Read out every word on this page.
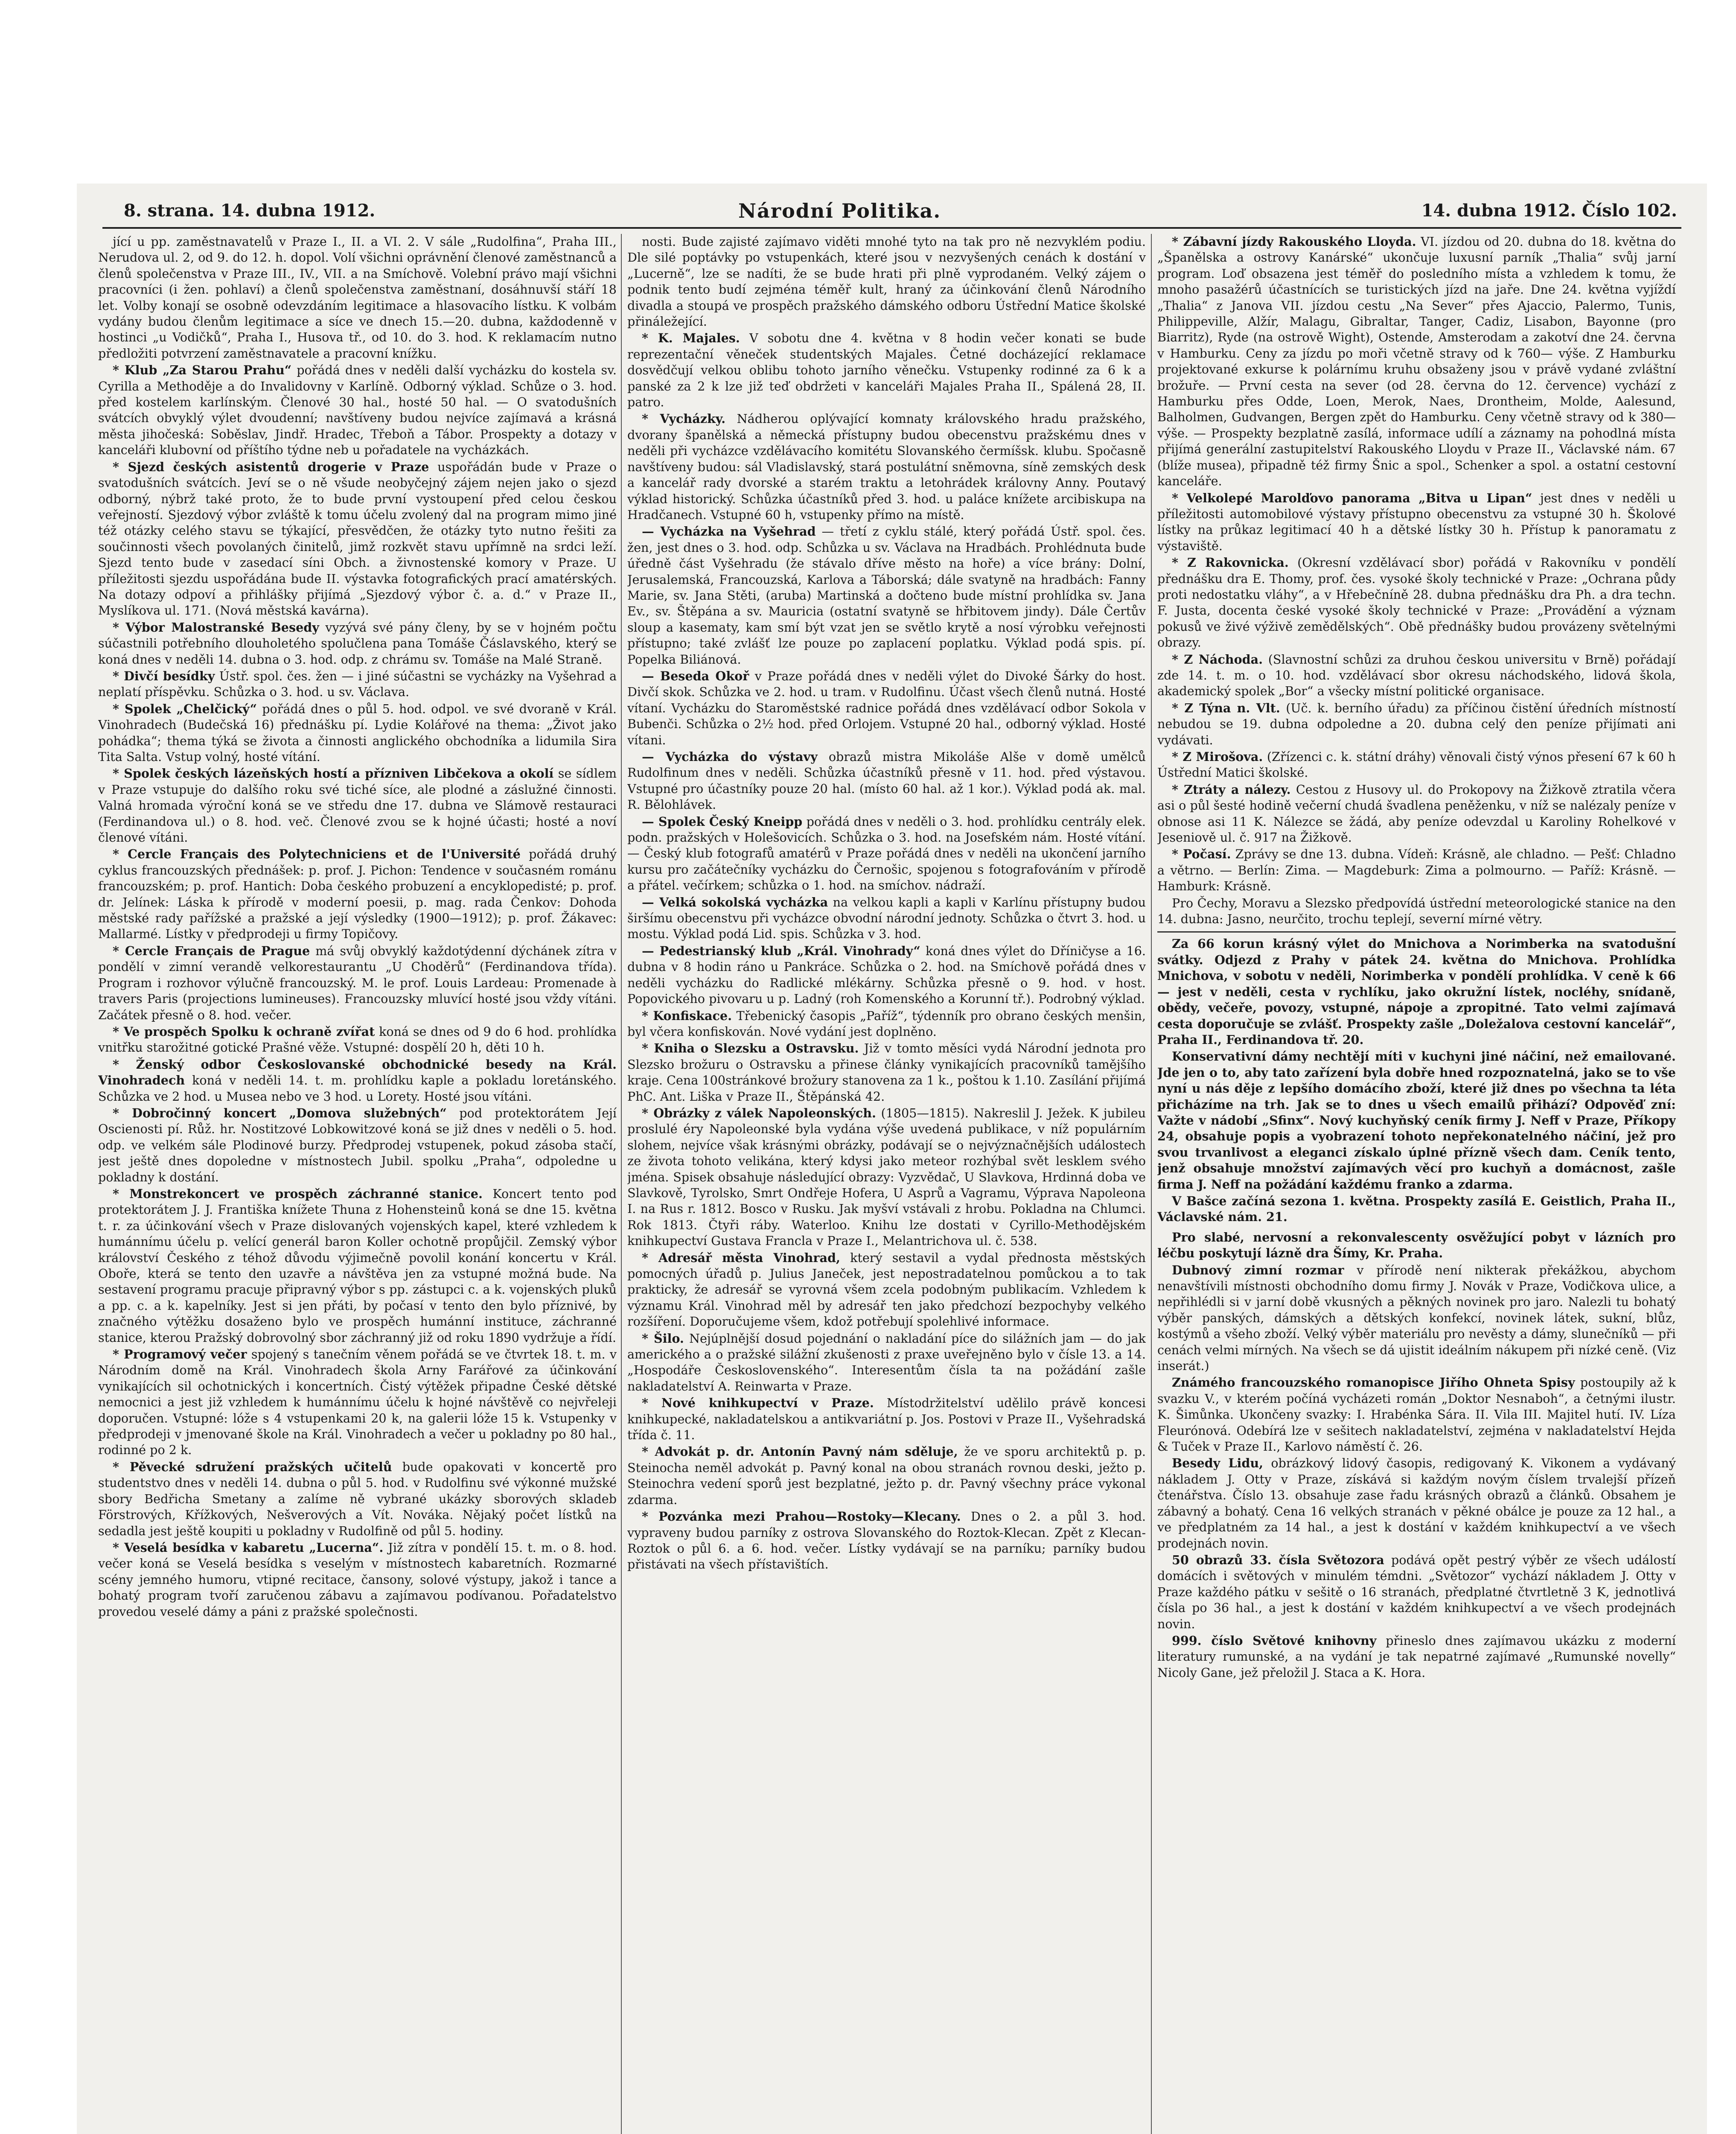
8. strana. 14. dubna 1912.	Národní Politika.	14. dubna 1912. Číslo 102.

jící u pp. zaměstnavatelů v Praze I., II. a VI. 2. V sále „Rudolfina“, Praha III., Nerudova ul. 2, od 9. do 12. h. dopol. Volí všichni oprávnění členové zaměstnanců a členů společenstva v Praze III., IV., VII. a na Smíchově. Volební právo mají všichni pracovníci (i žen. pohlaví) a členů společenstva zaměstnaní, dosáhnuvší stáří 18 let. Volby konají se osobně odevzdáním legitimace a hlasovacího lístku. K volbám vydány budou členům legitimace a síce ve dnech 15.—20. dubna, každodenně v hostinci „u Vodičků“, Praha I., Husova tř., od 10. do 3. hod. K reklamacím nutno předložiti potvrzení zaměstnavatele a pracovní knížku.

* Klub „Za Starou Prahu“ pořádá dnes v neděli další vycházku do kostela sv. Cyrilla a Methoděje a do Invalidovny v Karlíně. Odborný výklad. Schůze o 3. hod. před kostelem karlínským. Členové 30 hal., hosté 50 hal. — O svatodušních svátcích obvyklý výlet dvoudenní; navštíveny budou nejvíce zajímavá a krásná města jihočeská: Soběslav, Jindř. Hradec, Třeboň a Tábor. Prospekty a dotazy v kanceláři klubovní od příštího týdne neb u pořadatele na vycházkách.

* Sjezd českých asistentů drogerie v Praze uspořádán bude v Praze o svatodušních svátcích. Jeví se o ně všude neobyčejný zájem nejen jako o sjezd odborný, nýbrž také proto, že to bude první vystoupení před celou českou veřejností. Sjezdový výbor zvláště k tomu účelu zvolený dal na program mimo jiné též otázky celého stavu se týkající, přesvědčen, že otázky tyto nutno řešiti za součinnosti všech povolaných činitelů, jimž rozkvět stavu upřímně na srdci leží. Sjezd tento bude v zasedací síni Obch. a živnostenské komory v Praze. U příležitosti sjezdu uspořádána bude II. výstavka fotografických prací amatérských. Na dotazy odpoví a přihlášky přijímá „Sjezdový výbor č. a. d.“ v Praze II., Myslíkova ul. 171. (Nová městská kavárna).

* Výbor Malostranské Besedy vyzývá své pány členy, by se v hojném počtu súčastnili potřebního dlouholetého spolučlena pana Tomáše Čáslavského, který se koná dnes v neděli 14. dubna o 3. hod. odp. z chrámu sv. Tomáše na Malé Straně.

* Divčí besídky Ústř. spol. čes. žen — i jiné súčastni se vycházky na Vyšehrad a neplatí příspěvku. Schůzka o 3. hod. u sv. Václava.

* Spolek „Chelčický“ pořádá dnes o půl 5. hod. odpol. ve své dvoraně v Král. Vinohradech (Budečská 16) přednášku pí. Lydie Kolářové na thema: „Život jako pohádka“; thema týká se života a činnosti anglického obchodníka a lidumila Sira Tita Salta. Vstup volný, hosté vítání.

* Spolek českých lázeňských hostí a přízniven Libčekova a okolí se sídlem v Praze vstupuje do dalšího roku své tiché síce, ale plodné a záslužné činnosti. Valná hromada výroční koná se ve středu dne 17. dubna ve Slámově restauraci (Ferdinandova ul.) o 8. hod. več. Členové zvou se k hojné účasti; hosté a noví členové vítáni.

* Cercle Français des Polytechniciens et de l'Université pořádá druhý cyklus francouzských přednášek: p. prof. J. Pichon: Tendence v současném románu francouzském; p. prof. Hantich: Doba českého probuzení a encyklopedisté; p. prof. dr. Jelínek: Láska k přírodě v moderní poesii, p. mag. rada Čenkov: Dohoda městské rady pařížské a pražské a její výsledky (1900—1912); p. prof. Žákavec: Mallarmé. Lístky v předprodeji u firmy Topičovy.

* Cercle Français de Prague má svůj obvyklý každotýdenní dýchánek zítra v pondělí v zimní verandě velkorestaurantu „U Choděrů“ (Ferdinandova třída). Program i rozhovor výlučně francouzský. M. le prof. Louis Lardeau: Promenade à travers Paris (projections lumineuses). Francouzsky mluvící hosté jsou vždy vítáni. Začátek přesně o 8. hod. večer.

* Ve prospěch Spolku k ochraně zvířat koná se dnes od 9 do 6 hod. prohlídka vnitřku starožitné gotické Prašné věže. Vstupné: dospělí 20 h, děti 10 h.

* Ženský odbor Českoslovanské obchodnické besedy na Král. Vinohradech koná v neděli 14. t. m. prohlídku kaple a pokladu loretánského. Schůzka ve 2 hod. u Musea nebo ve 3 hod. u Lorety. Hosté jsou vítáni.

* Dobročinný koncert „Domova služebných“ pod protektorátem Její Oscienosti pí. Růž. hr. Nostitzové Lobkowitzové koná se již dnes v neděli o 5. hod. odp. ve velkém sále Plodinové burzy. Předprodej vstupenek, pokud zásoba stačí, jest ještě dnes dopoledne v místnostech Jubil. spolku „Praha“, odpoledne u pokladny k dostání.

* Monstrekoncert ve prospěch záchranné stanice. Koncert tento pod protektorátem J. J. Františka knížete Thuna z Hohensteinů koná se dne 15. května t. r. za účinkování všech v Praze dislovaných vojenských kapel, které vzhledem k humánnímu účelu p. velící generál baron Koller ochotně propůjčil. Zemský výbor království Českého z téhož důvodu výjimečně povolil konání koncertu v Král. Oboře, která se tento den uzavře a návštěva jen za vstupné možná bude. Na sestavení programu pracuje připravný výbor s pp. zástupci c. a k. vojenských pluků a pp. c. a k. kapelníky. Jest si jen přáti, by počasí v tento den bylo příznivé, by značného výtěžku dosaženo bylo ve prospěch humánní instituce, záchranné stanice, kterou Pražský dobrovolný sbor záchranný již od roku 1890 vydržuje a řídí.

* Programový večer spojený s tanečním věnem pořádá se ve čtvrtek 18. t. m. v Národním domě na Král. Vinohradech škola Arny Farářové za účinkování vynikajících sil ochotnických i koncertních. Čistý výtěžek připadne České dětské nemocnici a jest již vzhledem k humánnímu účelu k hojné návštěvě co nejvřeleji doporučen. Vstupné: lóže s 4 vstupenkami 20 k, na galerii lóže 15 k. Vstupenky v předprodeji v jmenované škole na Král. Vinohradech a večer u pokladny po 80 hal., rodinné po 2 k.

* Pěvecké sdružení pražských učitelů bude opakovati v koncertě pro studentstvo dnes v neděli 14. dubna o půl 5. hod. v Rudolfinu své výkonné mužské sbory Bedřicha Smetany a zalíme ně vybrané ukázky sborových skladeb Förstrových, Křížkových, Nešverových a Vít. Nováka. Nějaký počet lístků na sedadla jest ještě koupiti u pokladny v Rudolfině od půl 5. hodiny.

* Veselá besídka v kabaretu „Lucerna“. Již zítra v pondělí 15. t. m. o 8. hod. večer koná se Veselá besídka s veselým v místnostech kabaretních. Rozmarné scény jemného humoru, vtipné recitace, čansony, solové výstupy, jakož i tance a bohatý program tvoří zaručenou zábavu a zajímavou podívanou. Pořadatelstvo provedou veselé dámy a páni z pražské společnosti.

nosti. Bude zajisté zajímavo viděti mnohé tyto na tak pro ně nezvyklém podiu. Dle silé poptávky po vstupenkách, které jsou v nezvyšených cenách k dostání v „Lucerně“, lze se nadíti, že se bude hrati při plně vyprodaném. Velký zájem o podnik tento budí zejména téměř kult, hraný za účinkování členů Národního divadla a stoupá ve prospěch pražského dámského odboru Ústřední Matice školské přináležející.

* K. Majales. V sobotu dne 4. května v 8 hodin večer konati se bude reprezentační věneček studentských Majales. Četné docházející reklamace dosvědčují velkou oblibu tohoto jarního věnečku. Vstupenky rodinné za 6 k a panské za 2 k lze již teď obdržeti v kanceláři Majales Praha II., Spálená 28, II. patro.

* Vycházky. Nádherou oplývající komnaty královského hradu pražského, dvorany španělská a německá přístupny budou obecenstvu pražskému dnes v neděli při vycházce vzdělávacího komitétu Slovanského čermíšsk. klubu. Spočasně navštíveny budou: sál Vladislavský, stará postulátní sněmovna, síně zemských desk a kancelář rady dvorské a starém traktu a letohrádek královny Anny. Poutavý výklad historický. Schůzka účastníků před 3. hod. u paláce knížete arcibiskupa na Hradčanech. Vstupné 60 h, vstupenky přímo na místě.

— Vycházka na Vyšehrad — třetí z cyklu stálé, který pořádá Ústř. spol. čes. žen, jest dnes o 3. hod. odp. Schůzka u sv. Václava na Hradbách. Prohlédnuta bude úředně část Vyšehradu (že stávalo dříve město na hoře) a více brány: Dolní, Jerusalemská, Francouzská, Karlova a Táborská; dále svatyně na hradbách: Fanny Marie, sv. Jana Stěti, (aruba) Martinská a dočteno bude místní prohlídka sv. Jana Ev., sv. Štěpána a sv. Mauricia (ostatní svatyně se hřbitovem jindy). Dále Čertův sloup a kasematy, kam smí být vzat jen se světlo krytě a nosí výrobku veřejnosti přístupno; také zvlášť lze pouze po zaplacení poplatku. Výklad podá spis. pí. Popelka Biliánová.

— Beseda Okoř v Praze pořádá dnes v neděli výlet do Divoké Šárky do host. Divčí skok. Schůzka ve 2. hod. u tram. v Rudolfinu. Účast všech členů nutná. Hosté vítaní. Vycházku do Staroměstské radnice pořádá dnes vzdělávací odbor Sokola v Bubenči. Schůzka o 2½ hod. před Orlojem. Vstupné 20 hal., odborný výklad. Hosté vítani.

— Vycházka do výstavy obrazů mistra Mikoláše Alše v domě umělců Rudolfinum dnes v neděli. Schůzka účastníků přesně v 11. hod. před výstavou. Vstupné pro účastníky pouze 20 hal. (místo 60 hal. až 1 kor.). Výklad podá ak. mal. R. Bělohlávek.

— Spolek Český Kneipp pořádá dnes v neděli o 3. hod. prohlídku centrály elek. podn. pražských v Holešovicích. Schůzka o 3. hod. na Josefském nám. Hosté vítání. — Český klub fotografů amatérů v Praze pořádá dnes v neděli na ukončení jarního kursu pro začátečníky vycházku do Černošic, spojenou s fotografováním v přírodě a přátel. večírkem; schůzka o 1. hod. na smíchov. nádraží.

— Velká sokolská vycházka na velkou kapli a kapli v Karlínu přístupny budou širšímu obecenstvu při vycházce obvodní národní jednoty. Schůzka o čtvrt 3. hod. u mostu. Výklad podá Lid. spis. Schůzka v 3. hod.

— Pedestrianský klub „Král. Vinohrady“ koná dnes výlet do Dříničyse a 16. dubna v 8 hodin ráno u Pankráce. Schůzka o 2. hod. na Smíchově pořádá dnes v neděli vycházku do Radlické mlékárny. Schůzka přesně o 9. hod. v host. Popovického pivovaru u p. Ladný (roh Komenského a Korunní tř.). Podrobný výklad.

* Konfiskace. Třebenický časopis „Paříž“, týdenník pro obrano českých menšin, byl včera konfiskován. Nové vydání jest doplněno.

* Kniha o Slezsku a Ostravsku. Již v tomto měsíci vydá Národní jednota pro Slezsko brožuru o Ostravsku a přinese články vynikajících pracovníků tamějšího kraje. Cena 100stránkové brožury stanovena za 1 k., poštou k 1.10. Zasílání přijímá PhC. Ant. Liška v Praze II., Štěpánská 42.

* Obrázky z válek Napoleonských. (1805—1815). Nakreslil J. Ježek. K jubileu proslulé éry Napoleonské byla vydána výše uvedená publikace, v níž populárním slohem, nejvíce však krásnými obrázky, podávají se o nejvýznačnějších událostech ze života tohoto velikána, který kdysi jako meteor rozhýbal svět lesklem svého jména. Spisek obsahuje následující obrazy: Vyzvědač, U Slavkova, Hrdinná doba ve Slavkově, Tyrolsko, Smrt Ondřeje Hofera, U Asprů a Vagramu, Výprava Napoleona I. na Rus r. 1812. Bosco v Rusku. Jak myšví vstávali z hrobu. Pokladna na Chlumci. Rok 1813. Čtyři ráby. Waterloo. Knihu lze dostati v Cyrillo-Methodějském knihkupectví Gustava Francla v Praze I., Melantrichova ul. č. 538.

* Adresář města Vinohrad, který sestavil a vydal přednosta městských pomocných úřadů p. Julius Janeček, jest nepostradatelnou pomůckou a to tak prakticky, že adresář se vyrovná všem zcela podobným publikacím. Vzhledem k významu Král. Vinohrad měl by adresář ten jako předchozí bezpochyby velkého rozšíření. Doporučujeme všem, kdož potřebují spolehlivé informace.

* Šilo. Nejúplnější dosud pojednání o nakladání píce do silážních jam — do jak amerického a o pražské silážní zkušenosti z praxe uveřejněno bylo v čísle 13. a 14. „Hospodáře Československého“. Interesentům čísla ta na požádání zašle nakladatelství A. Reinwarta v Praze.

* Nové knihkupectví v Praze. Místodržitelství udělilo právě koncesi knihkupecké, nakladatelskou a antikvariátní p. Jos. Postovi v Praze II., Vyšehradská třída č. 11.

* Advokát p. dr. Antonín Pavný nám sděluje, že ve sporu architektů p. p. Steinocha neměl advokát p. Pavný konal na obou stranách rovnou deski, ježto p. Steinochra vedení sporů jest bezplatné, ježto p. dr. Pavný všechny práce vykonal zdarma.

* Pozvánka mezi Prahou—Rostoky—Klecany. Dnes o 2. a půl 3. hod. vypraveny budou parníky z ostrova Slovanského do Roztok-Klecan. Zpět z Klecan-Roztok o půl 6. a 6. hod. večer. Lístky vydávají se na parníku; parníky budou přistávati na všech přístavištích.

* Zábavní jízdy Rakouského Lloyda. VI. jízdou od 20. dubna do 18. května do „Španělska a ostrovy Kanárské“ ukončuje luxusní parník „Thalia“ svůj jarní program. Loď obsazena jest téměř do posledního místa a vzhledem k tomu, že mnoho pasažérů účastnících se turistických jízd na jaře. Dne 24. května vyjíždí „Thalia“ z Janova VII. jízdou cestu „Na Sever“ přes Ajaccio, Palermo, Tunis, Philippeville, Alžír, Malagu, Gibraltar, Tanger, Cadiz, Lisabon, Bayonne (pro Biarritz), Ryde (na ostrově Wight), Ostende, Amsterodam a zakotví dne 24. června v Hamburku. Ceny za jízdu po moři včetně stravy od k 760— výše. Z Hamburku projektované exkurse k polárnímu kruhu obsaženy jsou v právě vydané zvláštní brožuře. — První cesta na sever (od 28. června do 12. července) vychází z Hamburku přes Odde, Loen, Merok, Naes, Drontheim, Molde, Aalesund, Balholmen, Gudvangen, Bergen zpět do Hamburku. Ceny včetně stravy od k 380— výše. — Prospekty bezplatně zasílá, informace udílí a záznamy na pohodlná místa přijímá generální zastupitelství Rakouského Lloydu v Praze II., Václavské nám. 67 (blíže musea), připadně též firmy Šnic a spol., Schenker a spol. a ostatní cestovní kanceláře.

* Velkolepé Marolďovo panorama „Bitva u Lipan“ jest dnes v neděli u příležitosti automobilové výstavy přístupno obecenstvu za vstupné 30 h. Školové lístky na průkaz legitimací 40 h a dětské lístky 30 h. Přístup k panoramatu z výstaviště.

* Z Rakovnicka. (Okresní vzdělávací sbor) pořádá v Rakovníku v pondělí přednášku dra E. Thomy, prof. čes. vysoké školy technické v Praze: „Ochrana půdy proti nedostatku vláhy“, a v Hřebečníně 28. dubna přednášku dra Ph. a dra techn. F. Justa, docenta české vysoké školy technické v Praze: „Provádění a význam pokusů ve živé výživě zemědělských“. Obě přednášky budou provázeny světelnými obrazy.

* Z Náchoda. (Slavnostní schůzi za druhou českou universitu v Brně) pořádají zde 14. t. m. o 10. hod. vzdělávací sbor okresu náchodského, lidová škola, akademický spolek „Bor“ a všecky místní politické organisace.

* Z Týna n. Vlt. (Uč. k. berního úřadu) za příčinou čistění úředních místností nebudou se 19. dubna odpoledne a 20. dubna celý den peníze přijímati ani vydávati.

* Z Mirošova. (Zřízenci c. k. státní dráhy) věnovali čistý výnos přesení 67 k 60 h Ústřední Matici školské.

* Ztráty a nálezy. Cestou z Husovy ul. do Prokopovy na Žižkově ztratila včera asi o půl šesté hodině večerní chudá švadlena peněženku, v níž se nalézaly peníze v obnose asi 11 K. Nálezce se žádá, aby peníze odevzdal u Karoliny Rohelkové v Jeseniově ul. č. 917 na Žižkově.

* Počasí. Zprávy se dne 13. dubna. Vídeň: Krásně, ale chladno. — Pešť: Chladno a větrno. — Berlín: Zima. — Magdeburk: Zima a polmourno. — Paříž: Krásně. — Hamburk: Krásně.

Pro Čechy, Moravu a Slezsko předpovídá ústřední meteorologické stanice na den 14. dubna: Jasno, neurčito, trochu teplejí, severní mírné větry.

Za 66 korun krásný výlet do Mnichova a Norimberka na svatodušní svátky. Odjezd z Prahy v pátek 24. května do Mnichova. Prohlídka Mnichova, v sobotu v neděli, Norimberka v pondělí prohlídka. V ceně k 66 — jest v neděli, cesta v rychlíku, jako okružní lístek, nocléhy, snídaně, obědy, večeře, povozy, vstupné, nápoje a zpropitné. Tato velmi zajímavá cesta doporučuje se zvlášť. Prospekty zašle „Doležalova cestovní kancelář“, Praha II., Ferdinandova tř. 20.

Konservativní dámy nechtějí míti v kuchyni jiné náčiní, než emailované. Jde jen o to, aby tato zařízení byla dobře hned rozpoznatelná, jako se to vše nyní u nás děje z lepšího domácího zboží, které již dnes po všechna ta léta přicházíme na trh. Jak se to dnes u všech emailů přihází? Odpověď zní: Važte v nádobí „Sfinx“. Nový kuchyňský ceník firmy J. Neff v Praze, Příkopy 24, obsahuje popis a vyobrazení tohoto nepřekonatelného náčiní, jež pro svou trvanlivost a eleganci získalo úplné přízně všech dam. Ceník tento, jenž obsahuje množství zajímavých věcí pro kuchyň a domácnost, zašle firma J. Neff na požádání každému franko a zdarma.

V Bašce začíná sezona 1. května. Prospekty zasílá E. Geistlich, Praha II., Václavské nám. 21.

Pro slabé, nervosní a rekonvalescenty osvěžující pobyt v lázních pro léčbu poskytují lázně dra Šímy, Kr. Praha.

Dubnový zimní rozmar v přírodě není nikterak překážkou, abychom nenavštívili místnosti obchodního domu firmy J. Novák v Praze, Vodičkova ulice, a nepřihlédli si v jarní době vkusných a pěkných novinek pro jaro. Nalezli tu bohatý výběr panských, dámských a dětských konfekcí, novinek látek, sukní, blůz, kostýmů a všeho zboží. Velký výběr materiálu pro nevěsty a dámy, slunečníků — při cenách velmi mírných. Na všech se dá ujistit ideálním nákupem při nízké ceně. (Viz inserát.)

Známého francouzského romanopisce Jiřího Ohneta Spisy postoupily až k svazku V., v kterém počíná vycházeti román „Doktor Nesnaboh“, a četnými ilustr. K. Šimůnka. Ukončeny svazky: I. Hrabénka Sára. II. Vila III. Majitel hutí. IV. Líza Fleurónová. Odebírá lze v sešitech nakladatelství, zejména v nakladatelství Hejda & Tuček v Praze II., Karlovo náměstí č. 26.

Besedy Lidu, obrázkový lidový časopis, redigovaný K. Vikonem a vydávaný nákladem J. Otty v Praze, získává si každým novým číslem trvalejší přízeň čtenářstva. Číslo 13. obsahuje zase řadu krásných obrazů a článků. Obsahem je zábavný a bohatý. Cena 16 velkých stranách v pěkné obálce je pouze za 12 hal., a ve předplatném za 14 hal., a jest k dostání v každém knihkupectví a ve všech prodejnách novin.

50 obrazů 33. čísla Světozora podává opět pestrý výběr ze všech událostí domácích i světových v minulém témdni. „Světozor“ vychází nákladem J. Otty v Praze každého pátku v sešitě o 16 stranách, předplatné čtvrtletně 3 K, jednotlivá čísla po 36 hal., a jest k dostání v každém knihkupectví a ve všech prodejnách novin.

999. číslo Světové knihovny přineslo dnes zajímavou ukázku z moderní literatury rumunské, a na vydání je tak nepatrné zajímavé „Rumunské novelly“ Nicoly Gane, jež přeložil J. Staca a K. Hora.
